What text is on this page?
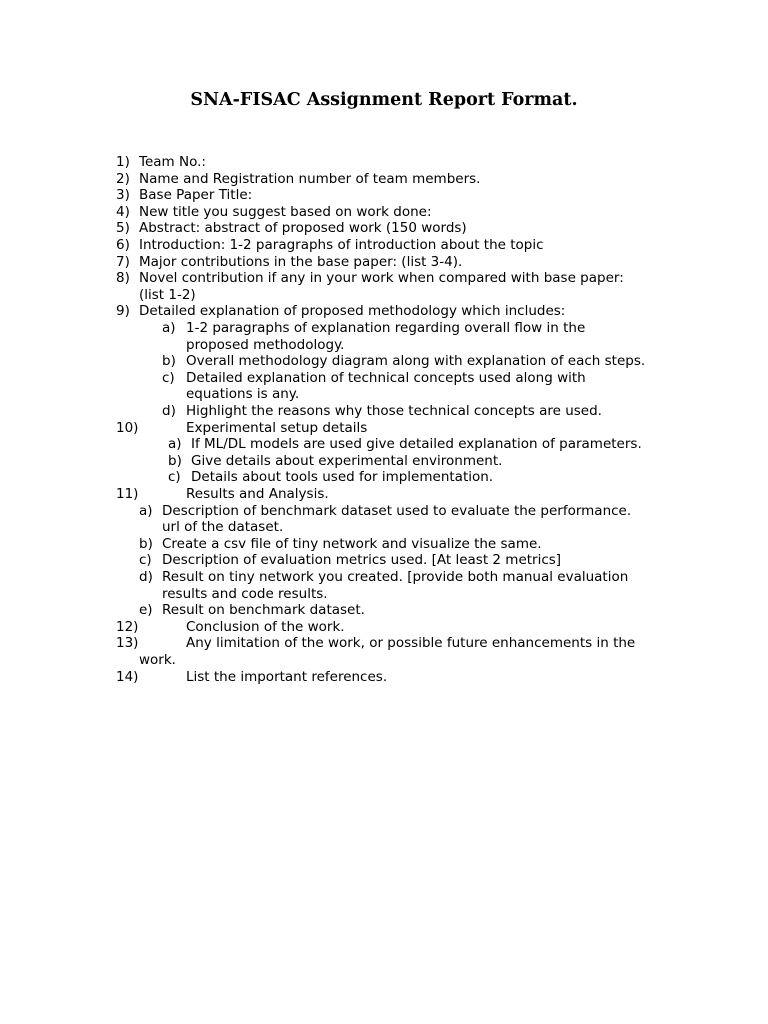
SNA-FISAC Assignment Report Format.
1) Team No.:
2) Name and Registration number of team members.
3) Base Paper Title:
4) New title you suggest based on work done:
5) Abstract: abstract of proposed work (150 words)
6) Introduction: 1-2 paragraphs of introduction about the topic
7) Major contributions in the base paper: (list 3-4).
8) Novel contribution if any in your work when compared with base paper:
(list 1-2)
9) Detailed explanation of proposed methodology which includes:
a) 1-2 paragraphs of explanation regarding overall flow in the
proposed methodology.
b) Overall methodology diagram along with explanation of each steps.
c) Detailed explanation of technical concepts used along with
equations is any.
d) Highlight the reasons why those technical concepts are used.
10)	Experimental setup details
a) If ML/DL models are used give detailed explanation of parameters.
b) Give details about experimental environment.
c) Details about tools used for implementation.
11)	Results and Analysis.
a) Description of benchmark dataset used to evaluate the performance.
url of the dataset.
b) Create a csv file of tiny network and visualize the same.
c) Description of evaluation metrics used. [At least 2 metrics]
d) Result on tiny network you created. [provide both manual evaluation
results and code results.
e) Result on benchmark dataset.
12)	Conclusion of the work.
13)	Any limitation of the work, or possible future enhancements in the
work.
14)	List the important references.
